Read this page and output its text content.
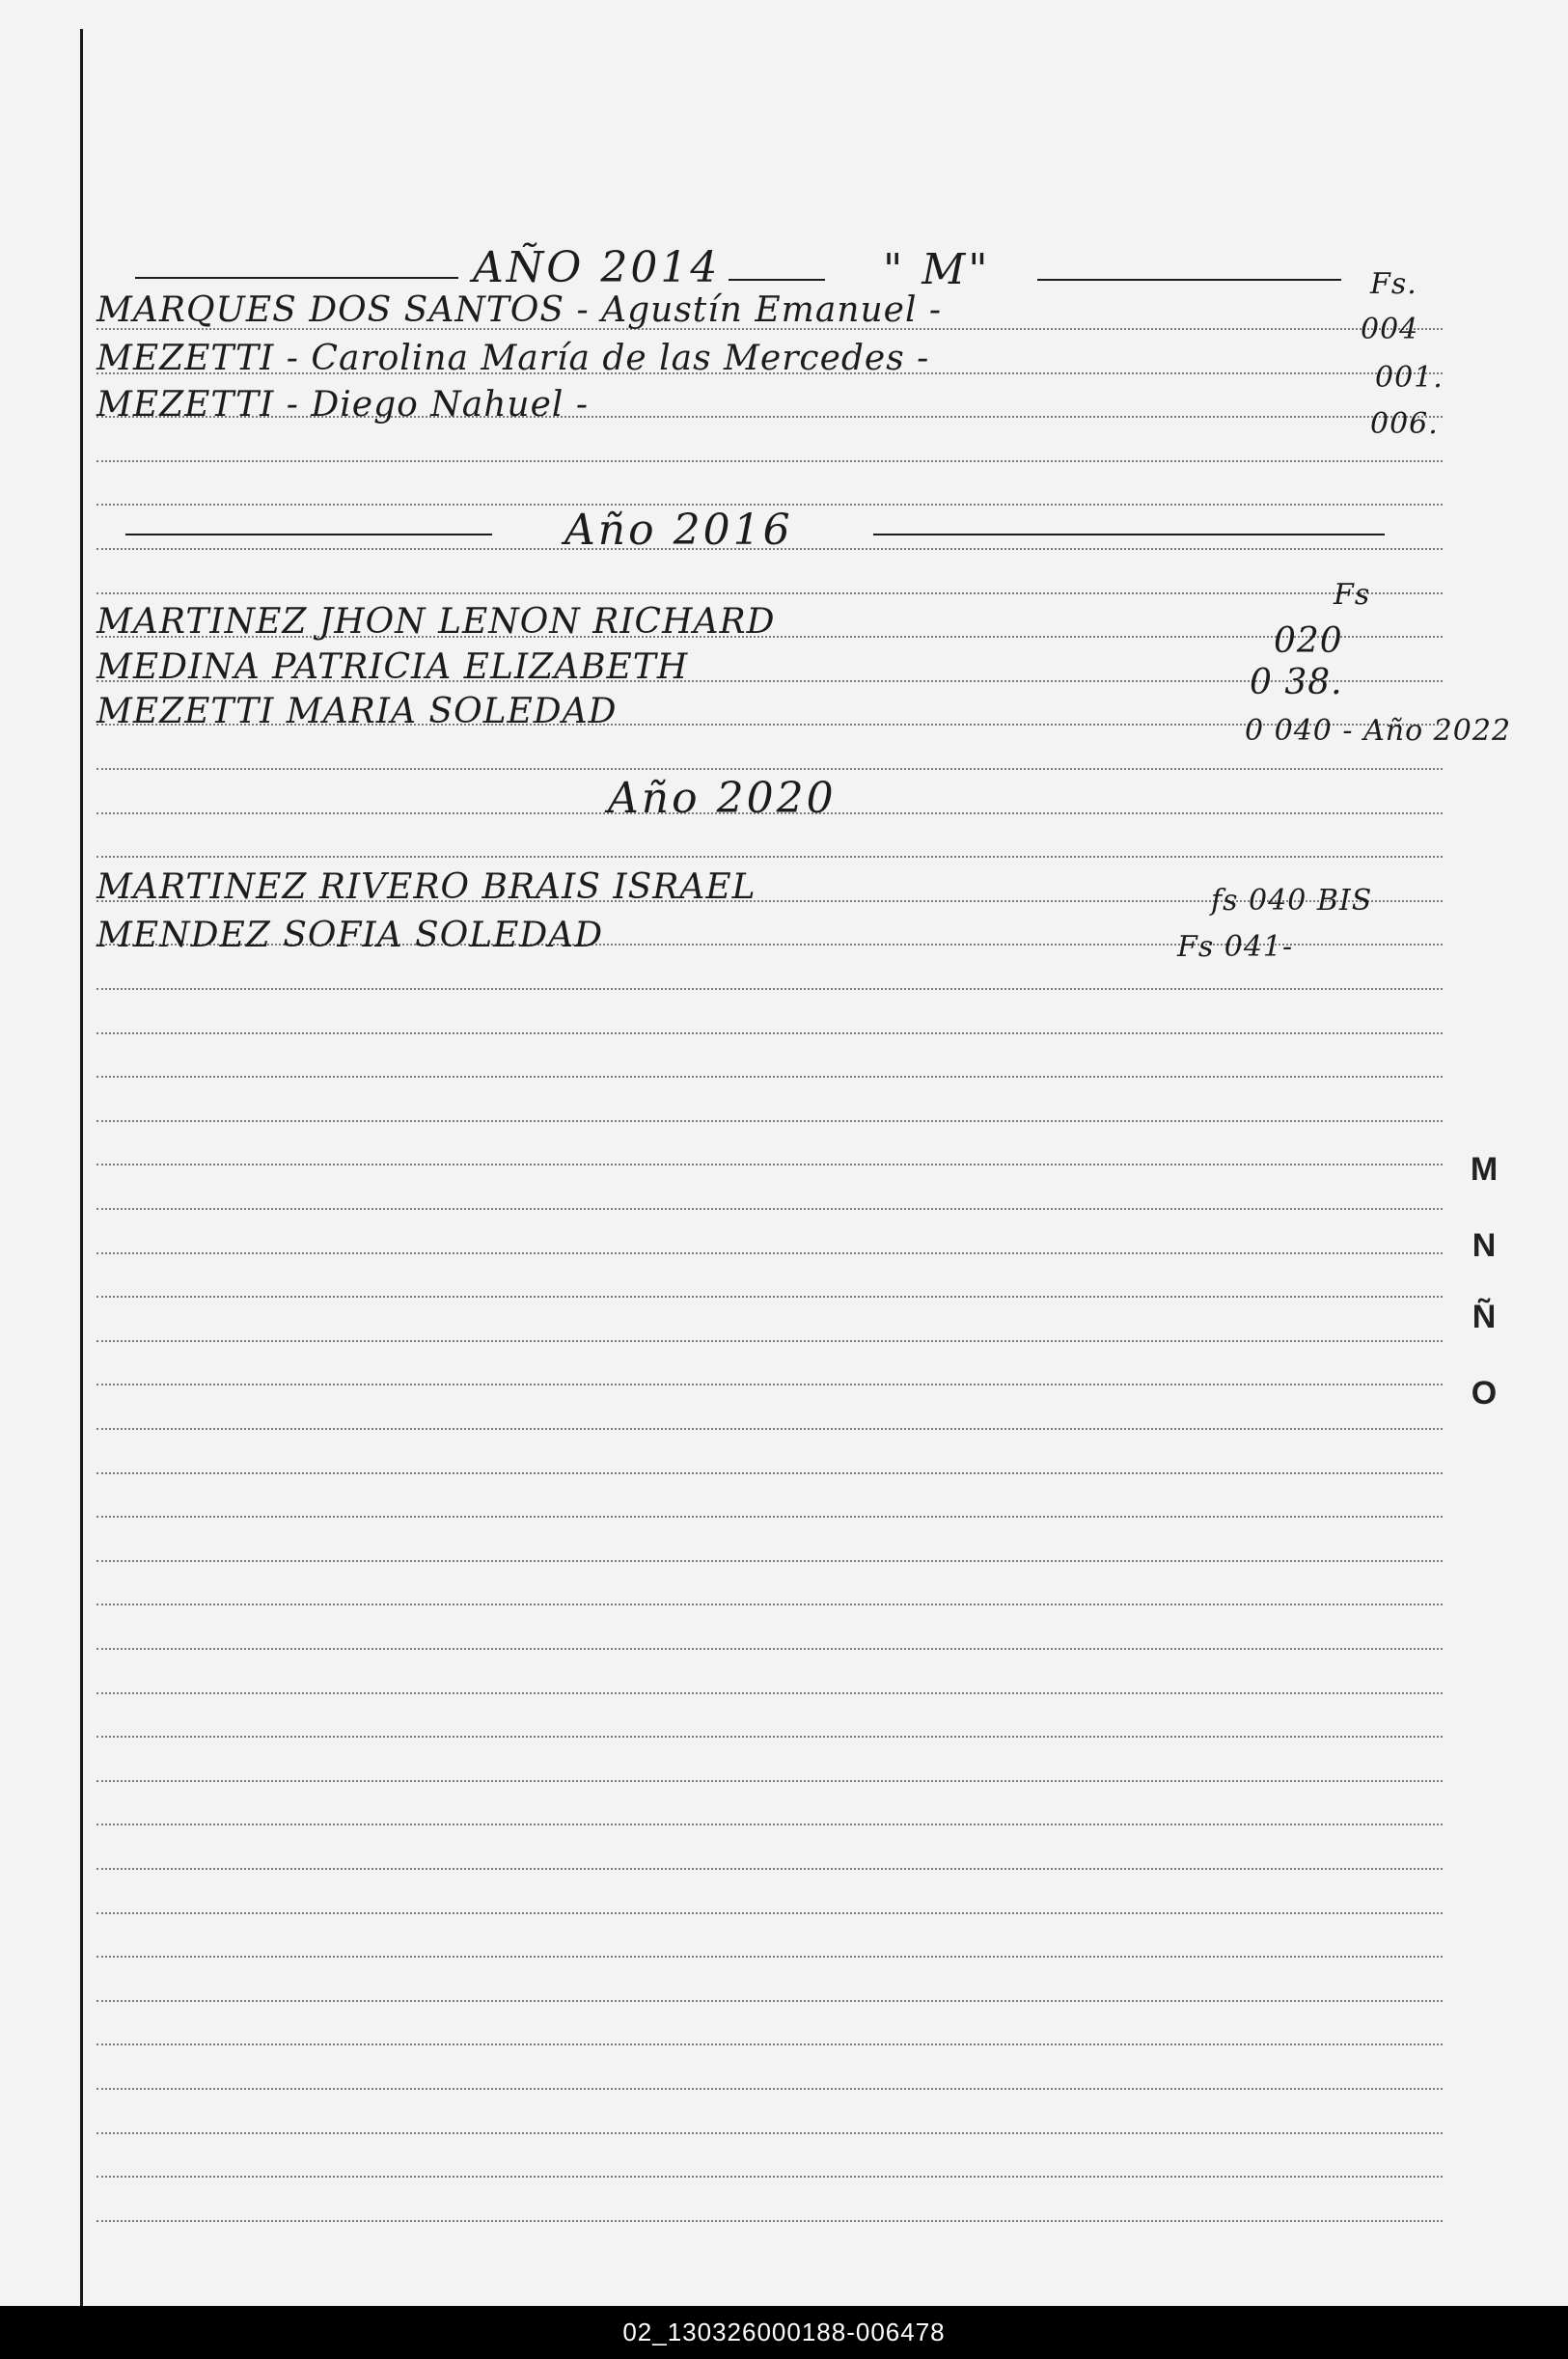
AÑO 2014	" M"	Fs.
MARQUES DOS SANTOS - Agustín Emanuel -	004
MEZETTI - Carolina María de las Mercedes -	001.
MEZETTI - Diego Nahuel -	006.
Año 2016
Fs
MARTINEZ JHON LENON RICHARD	020
MEDINA PATRICIA ELIZABETH	0 38.
MEZETTI MARIA SOLEDAD	0 040 - Año 2022
Año 2020
MARTINEZ RIVERO BRAIS ISRAEL	fs 040 BIS
MENDEZ SOFIA SOLEDAD	Fs 041-
M
N
Ñ
O
02_130326000188-006478
